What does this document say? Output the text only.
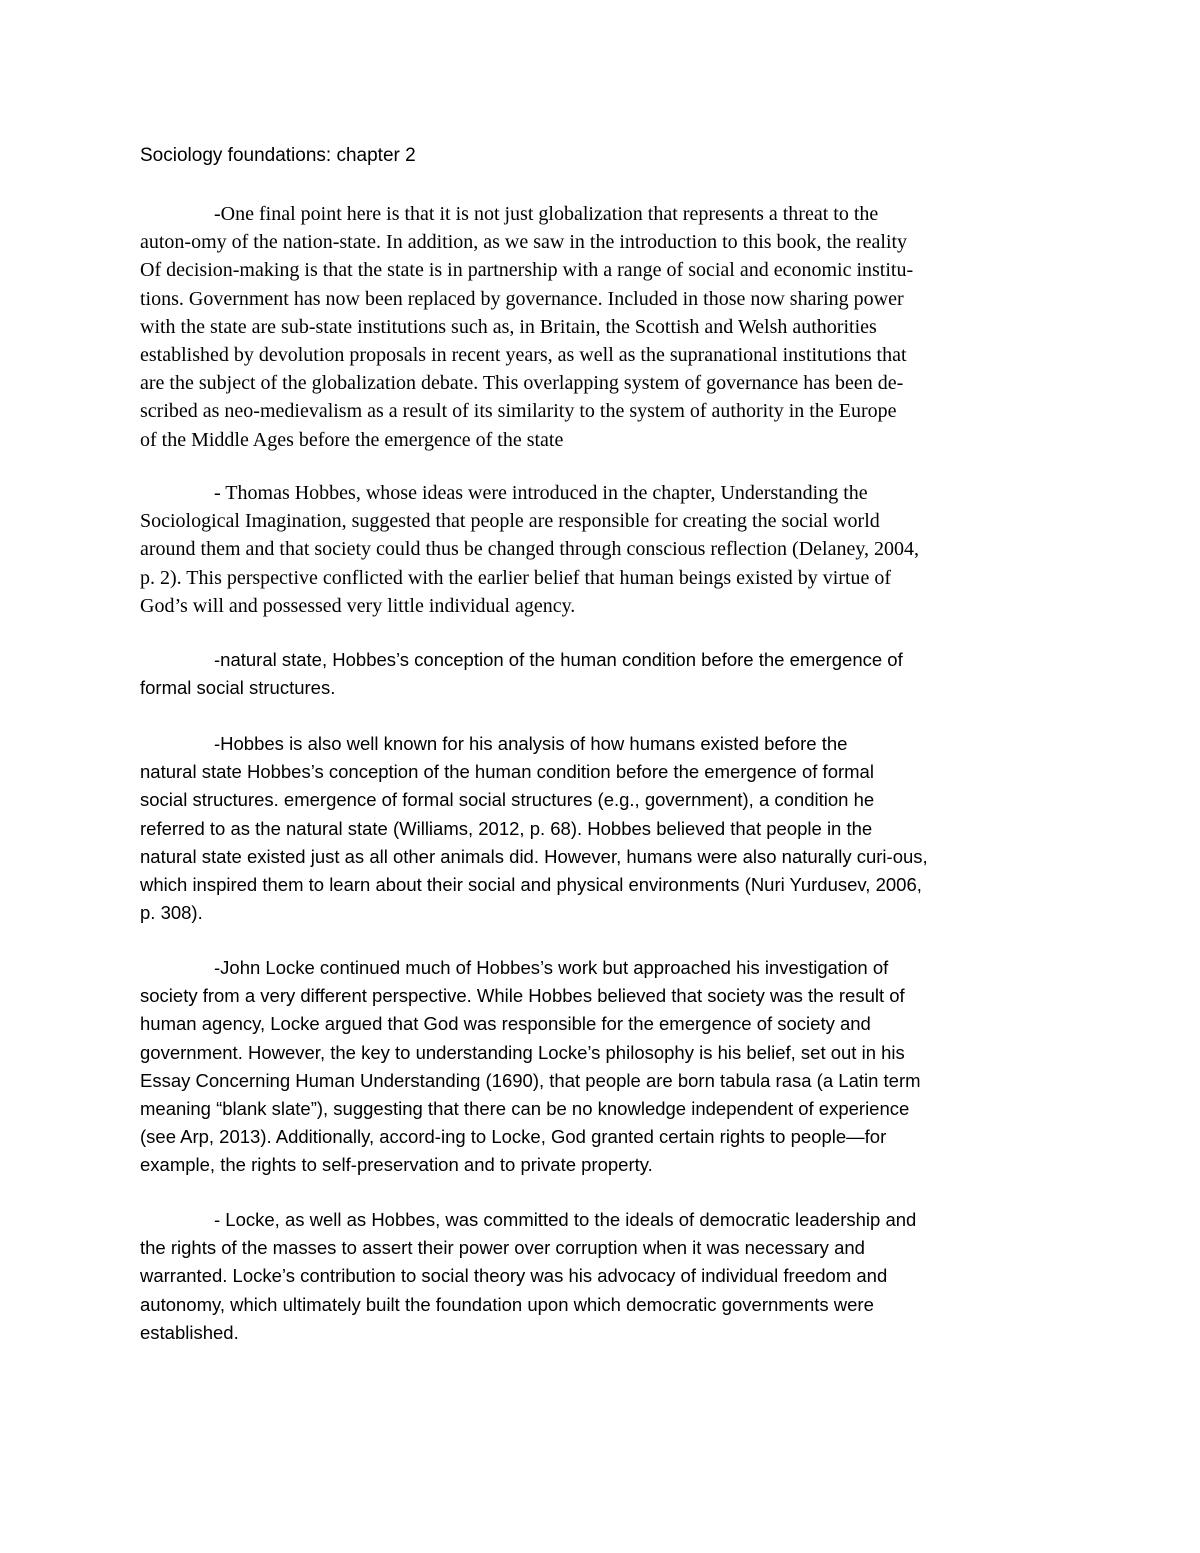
Sociology foundations: chapter 2
-One final point here is that it is not just globalization that represents a threat to the
auton-omy of the nation-state. In addition, as we saw in the introduction to this book, the reality
Of decision-making is that the state is in partnership with a range of social and economic institu-
tions. Government has now been replaced by governance. Included in those now sharing power
with the state are sub-state institutions such as, in Britain, the Scottish and Welsh authorities
established by devolution proposals in recent years, as well as the supranational institutions that
are the subject of the globalization debate. This overlapping system of governance has been de-
scribed as neo-medievalism as a result of its similarity to the system of authority in the Europe
of the Middle Ages before the emergence of the state
- Thomas Hobbes, whose ideas were introduced in the chapter, Understanding the
Sociological Imagination, suggested that people are responsible for creating the social world
around them and that society could thus be changed through conscious reflection (Delaney, 2004,
p. 2). This perspective conflicted with the earlier belief that human beings existed by virtue of
God’s will and possessed very little individual agency.
-natural state, Hobbes’s conception of the human condition before the emergence of
formal social structures.
-Hobbes is also well known for his analysis of how humans existed before the
natural state Hobbes’s conception of the human condition before the emergence of formal
social structures. emergence of formal social structures (e.g., government), a condition he
referred to as the natural state (Williams, 2012, p. 68). Hobbes believed that people in the
natural state existed just as all other animals did. However, humans were also naturally curi-ous,
which inspired them to learn about their social and physical environments (Nuri Yurdusev, 2006,
p. 308).
-John Locke continued much of Hobbes’s work but approached his investigation of
society from a very different perspective. While Hobbes believed that society was the result of
human agency, Locke argued that God was responsible for the emergence of society and
government. However, the key to understanding Locke’s philosophy is his belief, set out in his
Essay Concerning Human Understanding (1690), that people are born tabula rasa (a Latin term
meaning “blank slate”), suggesting that there can be no knowledge independent of experience
(see Arp, 2013). Additionally, accord-ing to Locke, God granted certain rights to people—for
example, the rights to self-preservation and to private property.
- Locke, as well as Hobbes, was committed to the ideals of democratic leadership and
the rights of the masses to assert their power over corruption when it was necessary and
warranted. Locke’s contribution to social theory was his advocacy of individual freedom and
autonomy, which ultimately built the foundation upon which democratic governments were
established.
